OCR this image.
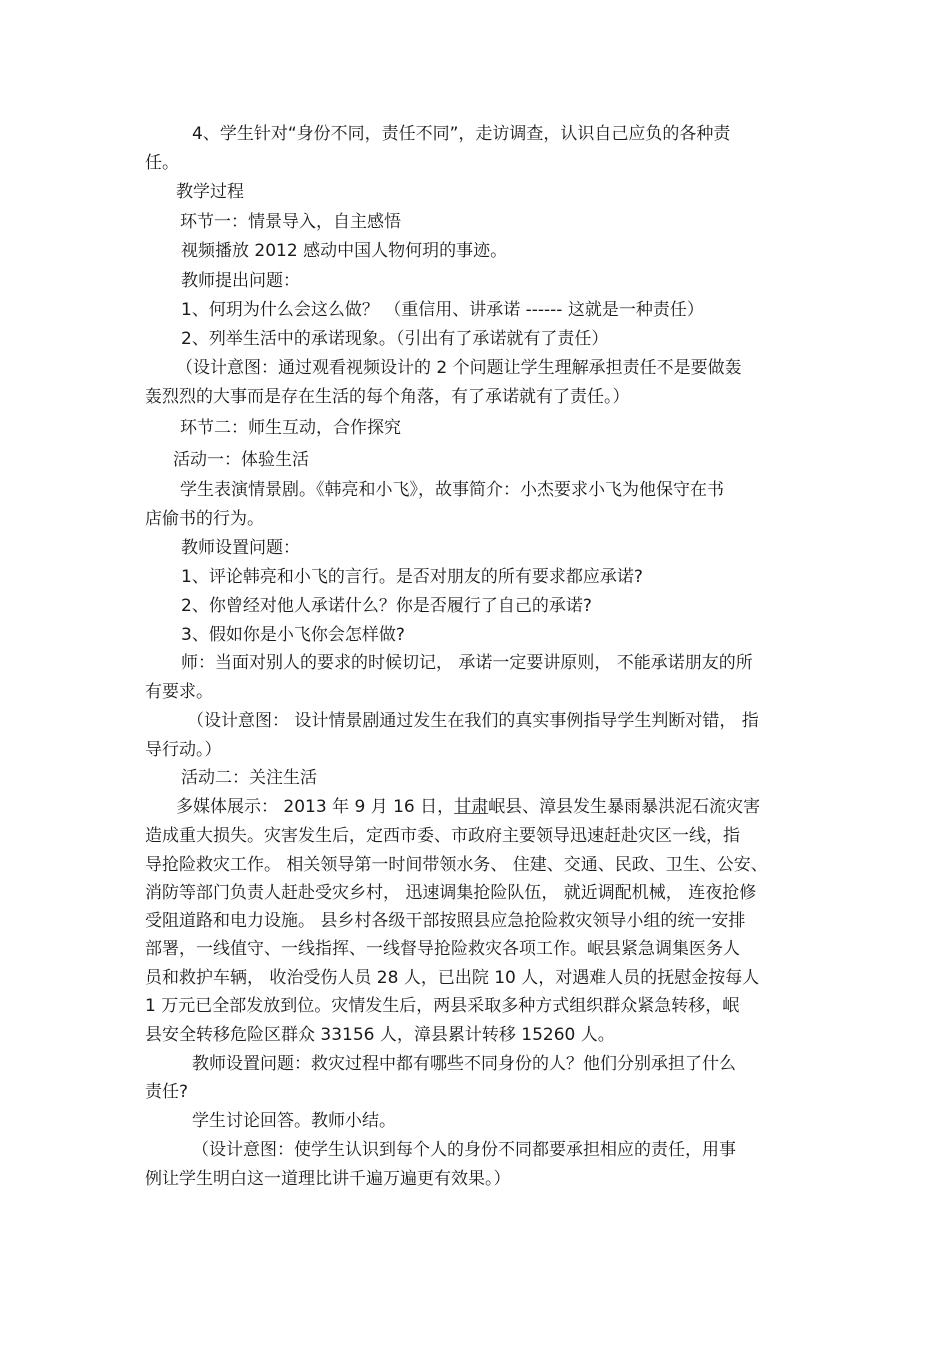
4、学生针对“身份不同，责任不同”，走访调查，认识自己应负的各种责
任。
教学过程
环节一：情景导入，自主感悟
视频播放 2012 感动中国人物何玥的事迹。
教师提出问题：
1、何玥为什么会这么做？ （重信用、讲承诺 ------ 这就是一种责任）
2、列举生活中的承诺现象。（引出有了承诺就有了责任）
（设计意图：通过观看视频设计的 2 个问题让学生理解承担责任不是要做轰
轰烈烈的大事而是存在生活的每个角落，有了承诺就有了责任。）
环节二：师生互动，合作探究
活动一：体验生活
学生表演情景剧。《韩亮和小飞》，故事简介：小杰要求小飞为他保守在书
店偷书的行为。
教师设置问题：
1、评论韩亮和小飞的言行。是否对朋友的所有要求都应承诺?
2、你曾经对他人承诺什么？你是否履行了自己的承诺?
3、假如你是小飞你会怎样做?
师：当面对别人的要求的时候切记， 承诺一定要讲原则， 不能承诺朋友的所
有要求。
（设计意图： 设计情景剧通过发生在我们的真实事例指导学生判断对错， 指
导行动。）
活动二：关注生活
多媒体展示： 2013 年 9 月 16 日，甘肃岷县、漳县发生暴雨暴洪泥石流灾害
造成重大损失。灾害发生后，定西市委、市政府主要领导迅速赶赴灾区一线，指
导抢险救灾工作。 相关领导第一时间带领水务、 住建、交通、民政、卫生、公安、
消防等部门负责人赶赴受灾乡村， 迅速调集抢险队伍， 就近调配机械， 连夜抢修
受阻道路和电力设施。 县乡村各级干部按照县应急抢险救灾领导小组的统一安排
部署，一线值守、一线指挥、一线督导抢险救灾各项工作。岷县紧急调集医务人
员和救护车辆， 收治受伤人员 28 人，已出院 10 人，对遇难人员的抚慰金按每人
1 万元已全部发放到位。灾情发生后，两县采取多种方式组织群众紧急转移，岷
县安全转移危险区群众 33156 人，漳县累计转移 15260 人。
教师设置问题：救灾过程中都有哪些不同身份的人？他们分别承担了什么
责任?
学生讨论回答。教师小结。
（设计意图：使学生认识到每个人的身份不同都要承担相应的责任，用事
例让学生明白这一道理比讲千遍万遍更有效果。）
